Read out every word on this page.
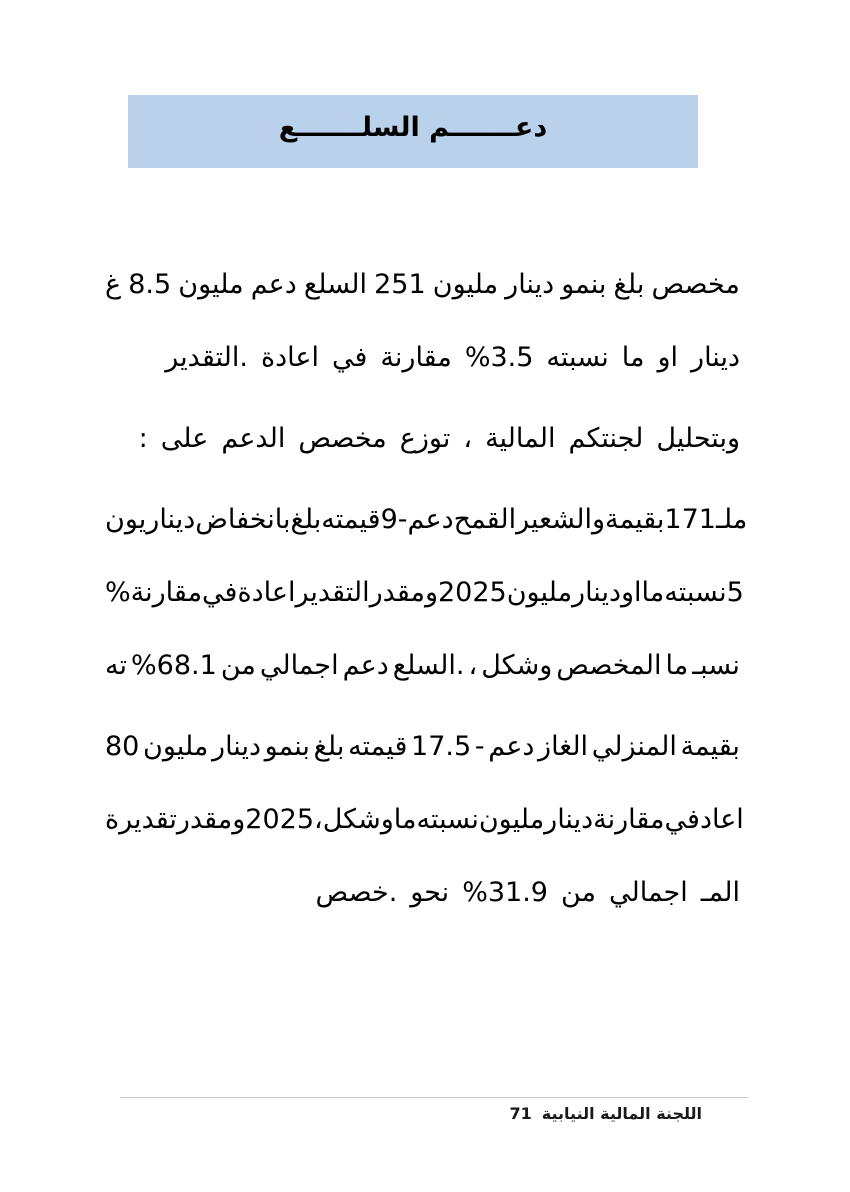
دعـــــــم السلـــــــع
غ 8.5 مليون دعم السلع 251 مليون دينار بنمو بلغ مخصص
دينار
او
ما
نسبته
%3.5
مقارنة
في
اعادة
التقدير.
وبتحليل
لجنتكم
المالية
،
توزع
مخصص
الدعم
على
:
يون دينار بانخفاض بلغ قيمته 9 - دعم القمح والشعير بقيمة 171 ملـ
% مقارنة في اعادة التقدير ومقدر 2025 مليون دينار او ما نسبته 5
ته %68.1 من اجمالي دعم السلع. ، وشكل المخصص ما نسبـ
80 مليون دينار بنمو بلغ قيمته 17.5 - دعم الغاز المنزلي بقيمة
ة تقدير ومقدر 2025 ، وشكل ما نسبته مليون دينار مقارنة في اعاد
خصص. نحو %31.9 من اجمالي المـ
اللجنة المالية النيابية
71
